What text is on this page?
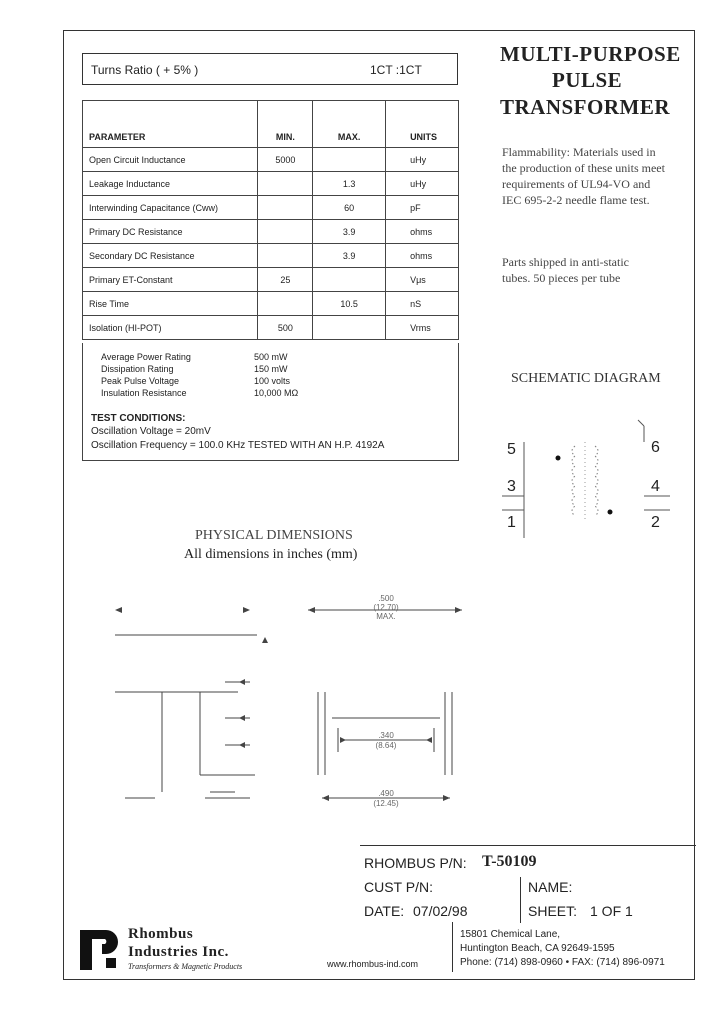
Turns Ratio ( + 5% )	1CT :1CT
PARAMETER	MIN.	MAX.	UNITS
Open Circuit Inductance	5000		uHy
Leakage Inductance		1.3	uHy
Interwinding Capacitance (Cww)		60	pF
Primary DC Resistance		3.9	ohms
Secondary DC Resistance		3.9	ohms
Primary ET-Constant	25		Vμs
Rise Time		10.5	nS
Isolation (HI-POT)	500		Vrms
Average Power Rating	500 mW
Dissipation Rating	150 mW
Peak Pulse Voltage	100 volts
Insulation Resistance	10,000 MΩ
TEST CONDITIONS:
Oscillation Voltage = 20mV
Oscillation Frequency = 100.0 KHz TESTED WITH AN H.P. 4192A
MULTI-PURPOSE
PULSE
TRANSFORMER
Flammability: Materials used in the production of these units meet requirements of UL94-VO and IEC 695-2-2 needle flame test.
Parts shipped in anti-static tubes. 50 pieces per tube
SCHEMATIC DIAGRAM
5
3
1
6
4
2
PHYSICAL DIMENSIONS
All dimensions in inches (mm)
.500
(12.70)
MAX.
.340
(8.64)
.490
(12.45)
RHOMBUS P/N: T-50109
CUST P/N:	NAME:
DATE: 07/02/98	SHEET: 1 OF 1
Rhombus
Industries Inc.
Transformers & Magnetic Products	www.rhombus-ind.com
15801 Chemical Lane,
Huntington Beach, CA 92649-1595
Phone: (714) 898-0960 • FAX: (714) 896-0971
